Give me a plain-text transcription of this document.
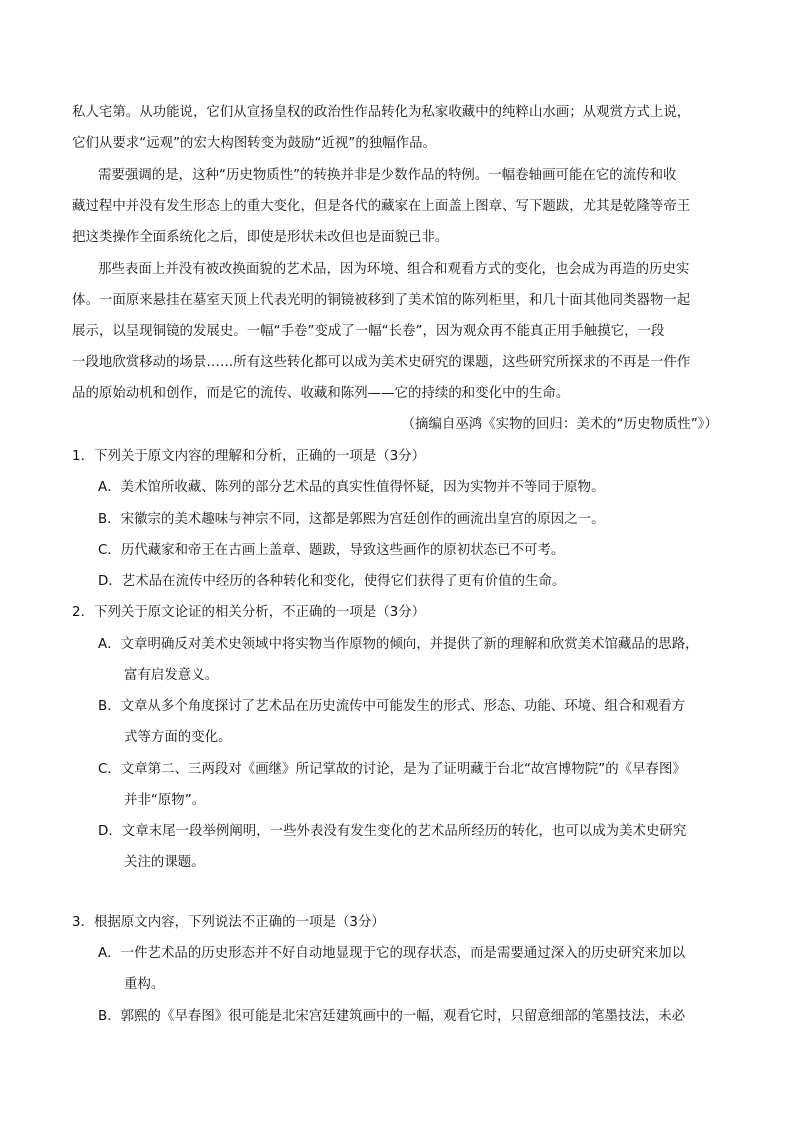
私人宅第。从功能说，它们从宣扬皇权的政治性作品转化为私家收藏中的纯粹山水画；从观赏方式上说，
它们从要求“远观”的宏大构图转变为鼓励“近视”的独幅作品。
需要强调的是，这种“历史物质性”的转换并非是少数作品的特例。一幅卷轴画可能在它的流传和收
藏过程中并没有发生形态上的重大变化，但是各代的藏家在上面盖上图章、写下题跋，尤其是乾隆等帝王
把这类操作全面系统化之后，即使是形状未改但也是面貌已非。
那些表面上并没有被改换面貌的艺术品，因为环境、组合和观看方式的变化，也会成为再造的历史实
体。一面原来悬挂在墓室天顶上代表光明的铜镜被移到了美术馆的陈列柜里，和几十面其他同类器物一起
展示，以呈现铜镜的发展史。一幅“手卷”变成了一幅“长卷”，因为观众再不能真正用手触摸它，一段
一段地欣赏移动的场景……所有这些转化都可以成为美术史研究的课题，这些研究所探求的不再是一件作
品的原始动机和创作，而是它的流传、收藏和陈列——它的持续的和变化中的生命。
（摘编自巫鸿《实物的回归：美术的“历史物质性”》）
1．下列关于原文内容的理解和分析，正确的一项是（3分）
A．美术馆所收藏、陈列的部分艺术品的真实性值得怀疑，因为实物并不等同于原物。
B．宋徽宗的美术趣味与神宗不同，这都是郭熙为宫廷创作的画流出皇宫的原因之一。
C．历代藏家和帝王在古画上盖章、题跋，导致这些画作的原初状态已不可考。
D．艺术品在流传中经历的各种转化和变化，使得它们获得了更有价值的生命。
2．下列关于原文论证的相关分析，不正确的一项是（3分）
A．文章明确反对美术史领域中将实物当作原物的倾向，并提供了新的理解和欣赏美术馆藏品的思路，
富有启发意义。
B．文章从多个角度探讨了艺术品在历史流传中可能发生的形式、形态、功能、环境、组合和观看方
式等方面的变化。
C．文章第二、三两段对《画继》所记掌故的讨论，是为了证明藏于台北“故宫博物院”的《早春图》
并非“原物”。
D．文章末尾一段举例阐明，一些外表没有发生变化的艺术品所经历的转化，也可以成为美术史研究
关注的课题。
3．根据原文内容，下列说法不正确的一项是（3分）
A．一件艺术品的历史形态并不好自动地显现于它的现存状态，而是需要通过深入的历史研究来加以
重构。
B．郭熙的《早春图》很可能是北宋宫廷建筑画中的一幅，观看它时，只留意细部的笔墨技法，未必
